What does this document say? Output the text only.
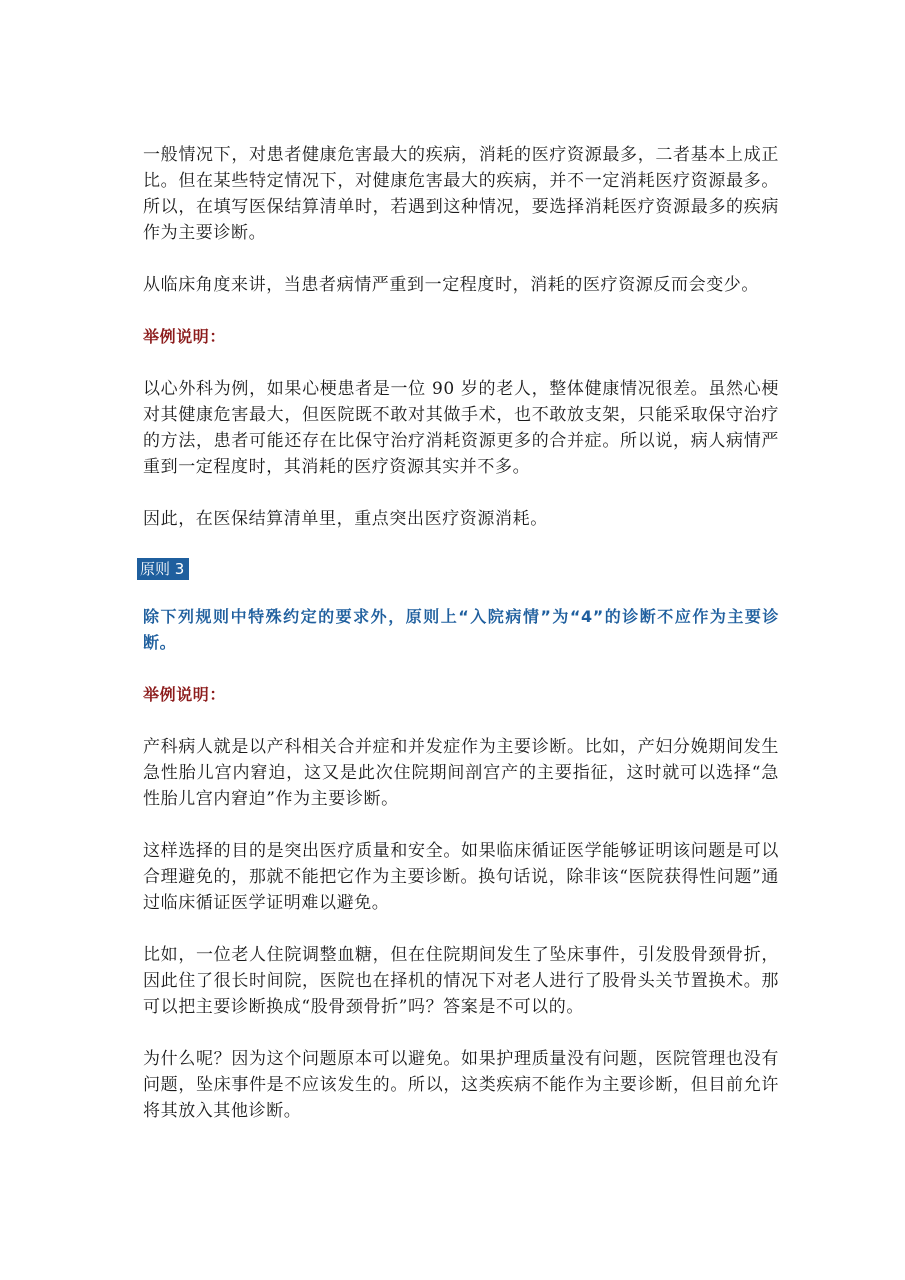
一般情况下，对患者健康危害最大的疾病，消耗的医疗资源最多，二者基本上成正比。但在某些特定情况下，对健康危害最大的疾病，并不一定消耗医疗资源最多。所以，在填写医保结算清单时，若遇到这种情况，要选择消耗医疗资源最多的疾病作为主要诊断。

从临床角度来讲，当患者病情严重到一定程度时，消耗的医疗资源反而会变少。

举例说明：

以心外科为例，如果心梗患者是一位 90 岁的老人，整体健康情况很差。虽然心梗对其健康危害最大，但医院既不敢对其做手术，也不敢放支架，只能采取保守治疗的方法，患者可能还存在比保守治疗消耗资源更多的合并症。所以说，病人病情严重到一定程度时，其消耗的医疗资源其实并不多。

因此，在医保结算清单里，重点突出医疗资源消耗。

原则 3

除下列规则中特殊约定的要求外，原则上“入院病情”为“4”的诊断不应作为主要诊断。

举例说明：

产科病人就是以产科相关合并症和并发症作为主要诊断。比如，产妇分娩期间发生急性胎儿宫内窘迫，这又是此次住院期间剖宫产的主要指征，这时就可以选择“急性胎儿宫内窘迫”作为主要诊断。

这样选择的目的是突出医疗质量和安全。如果临床循证医学能够证明该问题是可以合理避免的，那就不能把它作为主要诊断。换句话说，除非该“医院获得性问题”通过临床循证医学证明难以避免。

比如，一位老人住院调整血糖，但在住院期间发生了坠床事件，引发股骨颈骨折，因此住了很长时间院，医院也在择机的情况下对老人进行了股骨头关节置换术。那可以把主要诊断换成“股骨颈骨折”吗？答案是不可以的。

为什么呢？因为这个问题原本可以避免。如果护理质量没有问题，医院管理也没有问题，坠床事件是不应该发生的。所以，这类疾病不能作为主要诊断，但目前允许将其放入其他诊断。
